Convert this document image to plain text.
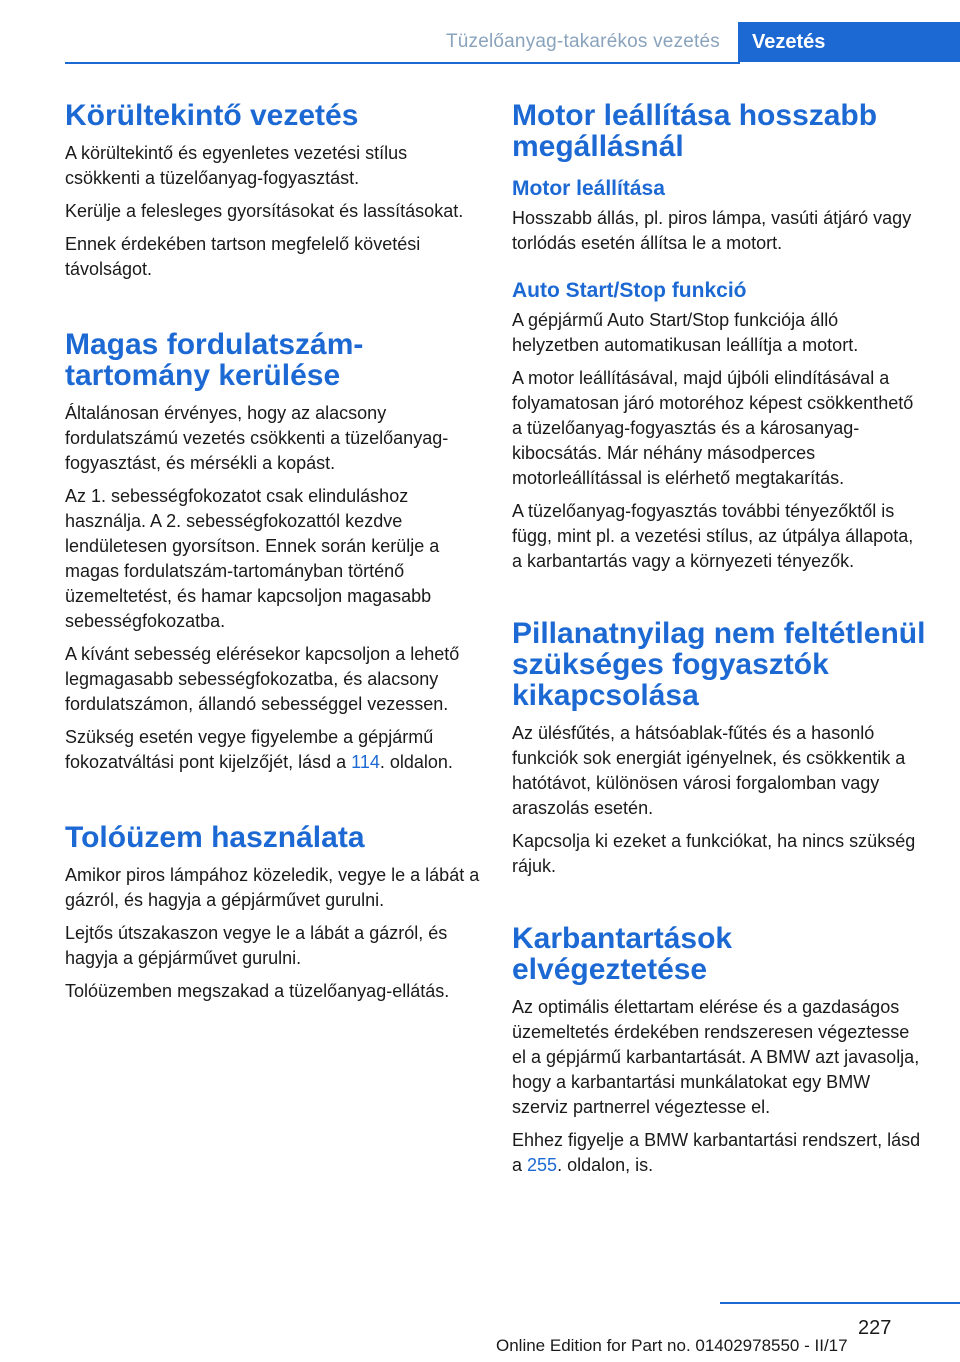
Tüzelőanyag-takarékos vezetés	Vezetés
Körültekintő vezetés

A körültekintő és egyenletes vezetési stílus csökkenti a tüzelőanyag-fogyasztást.

Kerülje a felesleges gyorsításokat és lassításokat.

Ennek érdekében tartson megfelelő követési távolságot.

Magas fordulatszám-tartomány kerülése

Általánosan érvényes, hogy az alacsony fordulatszámú vezetés csökkenti a tüzelőanyag-fogyasztást, és mérsékli a kopást.

Az 1. sebességfokozatot csak elinduláshoz használja. A 2. sebességfokozattól kezdve lendületesen gyorsítson. Ennek során kerülje a magas fordulatszám-tartományban történő üzemeltetést, és hamar kapcsoljon magasabb sebességfokozatba.

A kívánt sebesség elérésekor kapcsoljon a lehető legmagasabb sebességfokozatba, és alacsony fordulatszámon, állandó sebességgel vezessen.

Szükség esetén vegye figyelembe a gépjármű fokozatváltási pont kijelzőjét, lásd a 114. oldalon.

Tolóüzem használata

Amikor piros lámpához közeledik, vegye le a lábát a gázról, és hagyja a gépjárművet gurulni.

Lejtős útszakaszon vegye le a lábát a gázról, és hagyja a gépjárművet gurulni.

Tolóüzemben megszakad a tüzelőanyag-ellátás.

Motor leállítása hosszabb megállásnál
Motor leállítása

Hosszabb állás, pl. piros lámpa, vasúti átjáró vagy torlódás esetén állítsa le a motort.

Auto Start/Stop funkció

A gépjármű Auto Start/Stop funkciója álló helyzetben automatikusan leállítja a motort.

A motor leállításával, majd újbóli elindításával a folyamatosan járó motoréhoz képest csökkenthető a tüzelőanyag-fogyasztás és a károsanyag-kibocsátás. Már néhány másodperces motorleállítással is elérhető megtakarítás.

A tüzelőanyag-fogyasztás további tényezőktől is függ, mint pl. a vezetési stílus, az útpálya állapota, a karbantartás vagy a környezeti tényezők.

Pillanatnyilag nem feltétlenül szükséges fogyasztók kikapcsolása

Az ülésfűtés, a hátsóablak-fűtés és a hasonló funkciók sok energiát igényelnek, és csökkentik a hatótávot, különösen városi forgalomban vagy araszolás esetén.

Kapcsolja ki ezeket a funkciókat, ha nincs szükség rájuk.

Karbantartások elvégeztetése

Az optimális élettartam elérése és a gazdaságos üzemeltetés érdekében rendszeresen végeztesse el a gépjármű karbantartását. A BMW azt javasolja, hogy a karbantartási munkálatokat egy BMW szerviz partnerrel végeztesse el.

Ehhez figyelje a BMW karbantartási rendszert, lásd a 255. oldalon, is.

227
Online Edition for Part no. 01402978550 - II/17
